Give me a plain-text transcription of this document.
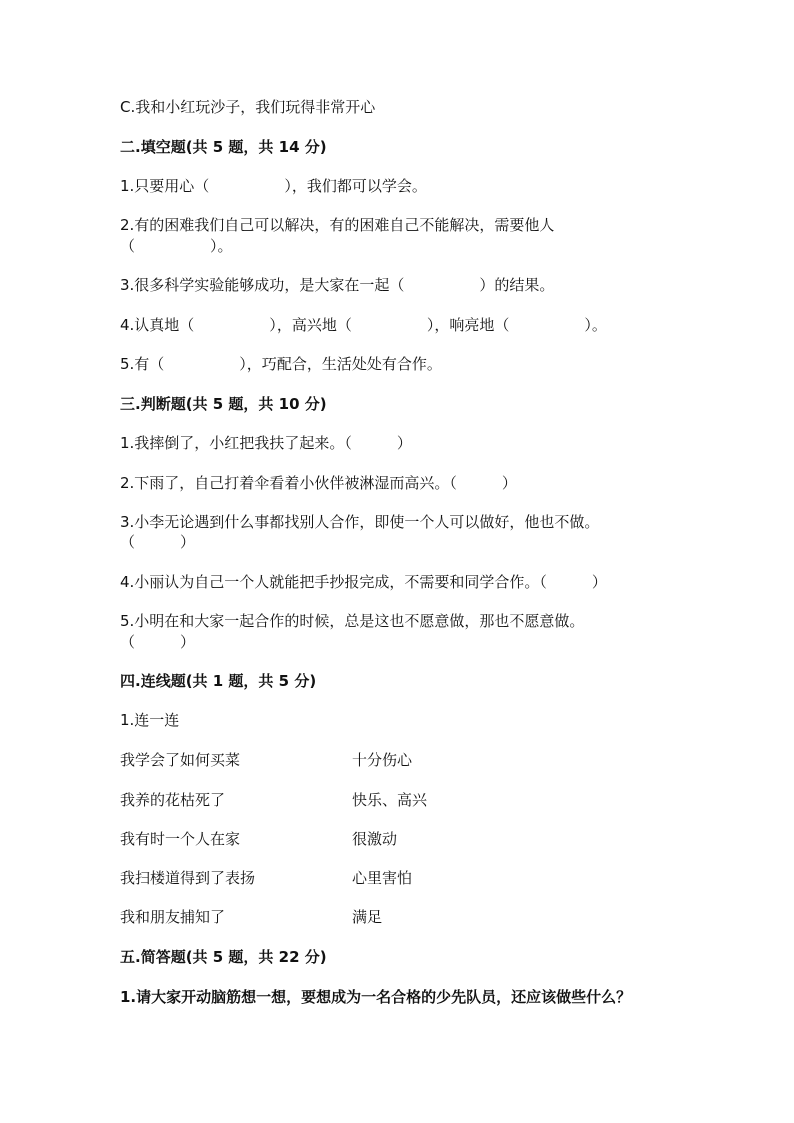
C.我和小红玩沙子，我们玩得非常开心
二.填空题(共 5 题，共 14 分)
1.只要用心（　　　　　），我们都可以学会。
2.有的困难我们自己可以解决，有的困难自己不能解决，需要他人
（　　　　　）。
3.很多科学实验能够成功，是大家在一起（　　　　　）的结果。
4.认真地（　　　　　），高兴地（　　　　　），响亮地（　　　　　）。
5.有（　　　　　），巧配合，生活处处有合作。
三.判断题(共 5 题，共 10 分)
1.我摔倒了，小红把我扶了起来。（　　　）
2.下雨了，自己打着伞看着小伙伴被淋湿而高兴。（　　　）
3.小李无论遇到什么事都找别人合作，即使一个人可以做好，他也不做。
（　　　）
4.小丽认为自己一个人就能把手抄报完成，不需要和同学合作。（　　　）
5.小明在和大家一起合作的时候，总是这也不愿意做，那也不愿意做。
（　　　）
四.连线题(共 1 题，共 5 分)
1.连一连
我学会了如何买菜	十分伤心
我养的花枯死了	快乐、高兴
我有时一个人在家	很激动
我扫楼道得到了表扬	心里害怕
我和朋友捕知了	满足
五.简答题(共 5 题，共 22 分)
1.请大家开动脑筋想一想，要想成为一名合格的少先队员，还应该做些什么？
